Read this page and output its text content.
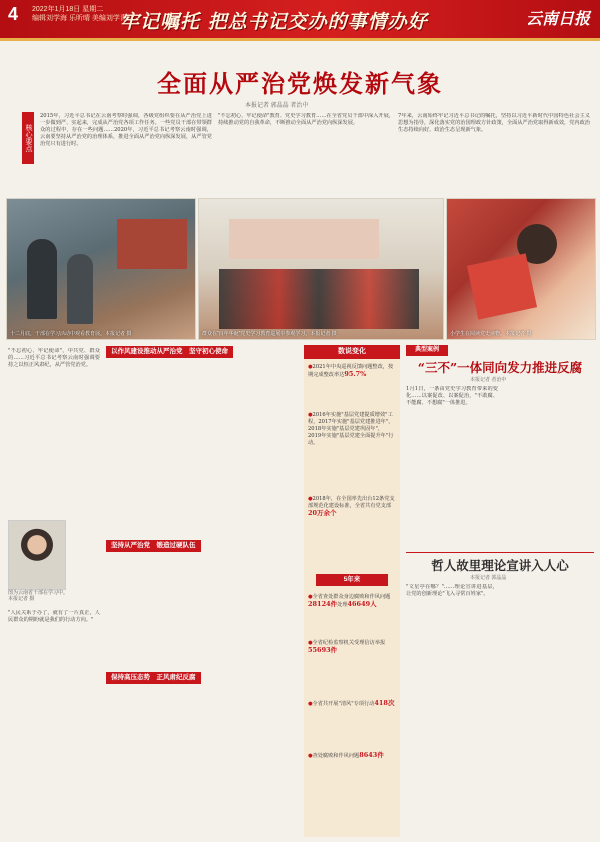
4 2022年1月18日 星期二
编辑刘学海 乐昕晴 美编刘学青
牢记嘱托 把总书记交办的事情办好	云南日报
全面从严治党焕发新气象
本报记者 郭晶晶 者治中
核心要点

2015年，习近平总书记在云南考察时强调，各级党组织要在从严治党上进一步做到严、实起来，完成从严治党各项工作任务。一些党员干部在带领群众的过程中，存在一些问题……2020年，习近平总书记考察云南时强调，云南要坚持从严治党的治理体系，推进全面从严治党向纵深发展，从严管党治党只有进行时。

"不忘初心、牢记使命"教育、党史学习教育……在全省党员干部中深入开展，持续推动党的自我革命，不断推动全面从严治党向纵深发展。

7年来，云南始终牢记习近平总书记的嘱托，坚持以习近平新时代中国特色社会主义思想为指导，深化落实党的治国理政方针政策，全面从严治党取得新成效，党内政治生态持续向好，政治生态呈现新气象。

十二月底，干部在学习活动中观看教育展。本报记者 摄	群众在“百年华诞”党史学习教育巡展中参观学习。本报记者 摄	小学生在阅读党史读物。本报记者 摄

"不忘初心、牢记使命"，中共党、群众的……习近平总书记考察云南时强调要持之以恒正风肃纪，从严管党治党。

图为云南省干部在学习中。本报记者 摄

"人民关系于办了，就有了一片真正，人民群众的期盼就是我们的行动方向。"

以作风建设推动从严治党　 坚守初心使命
坚持从严治党　 锻造过硬队伍
保持高压态势　 正风肃纪反腐
数说变化
●2021年中央巡视反馈问题整改，按期完成整改率达95.7%
●2016年实施"基层党建提质增效"工程，2017年实施"基层党建推进年"，2018年实施"基层党建巩固年"，2019年实施"基层党建全面提升年"行动。
●2018年，在全国率先出台12条党支部规范化建设标准，全省共有党支部20万余个
5年来
●全省查处群众身边腐败和作风问题28124件处理46649人
●全省纪检监察机关受理信访举报55693件
●全省共开展"清风"专项行动418次
●查处腐败和作风问题8643件
典型案例
“三不”一体同向发力推进反腐
本报记者 者治中

1月1日，一条由党史学习教育带来的变化……以案促改、以案促治，"不敢腐、不能腐、不想腐"一体推进。

哲人故里理论宣讲入人心
本报记者 郭晶晶

"文星亭在哪？"……理论宣讲进基层，让党的创新理论"飞入寻常百姓家"。
